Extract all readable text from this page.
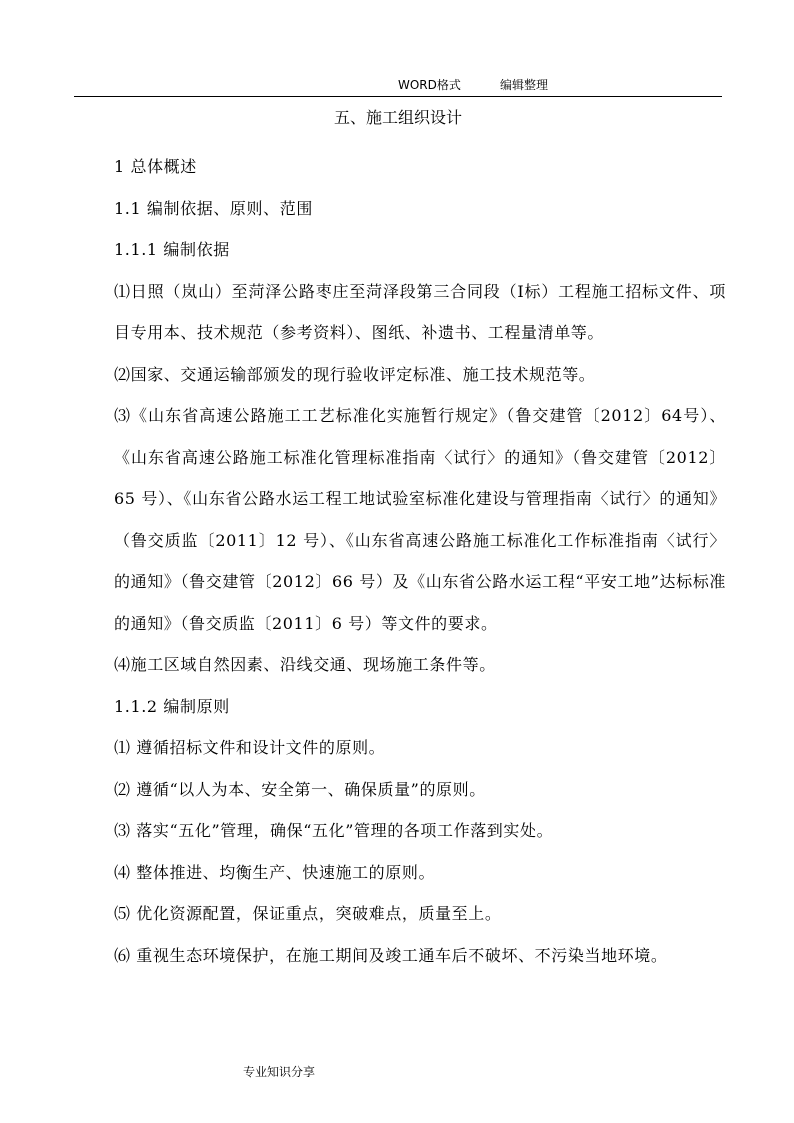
WORD格式	编辑整理
五、施工组织设计

1 总体概述

1.1 编制依据、原则、范围

1.1.1 编制依据

⑴日照（岚山）至菏泽公路枣庄至菏泽段第三合同段（Ⅰ标）工程施工招标文件、项目专用本、技术规范（参考资料）、图纸、补遗书、工程量清单等。

⑵国家、交通运输部颁发的现行验收评定标准、施工技术规范等。

⑶《山东省高速公路施工工艺标准化实施暂行规定》（鲁交建管〔2012〕64号）、《山东省高速公路施工标准化管理标准指南〈试行〉的通知》（鲁交建管〔2012〕65 号）、《山东省公路水运工程工地试验室标准化建设与管理指南〈试行〉的通知》（鲁交质监〔2011〕12 号）、《山东省高速公路施工标准化工作标准指南〈试行〉的通知》（鲁交建管〔2012〕66 号）及《山东省公路水运工程“平安工地”达标标准的通知》（鲁交质监〔2011〕6 号）等文件的要求。

⑷施工区域自然因素、沿线交通、现场施工条件等。

1.1.2 编制原则

⑴ 遵循招标文件和设计文件的原则。

⑵ 遵循“以人为本、安全第一、确保质量”的原则。

⑶ 落实“五化”管理，确保“五化”管理的各项工作落到实处。

⑷ 整体推进、均衡生产、快速施工的原则。

⑸ 优化资源配置，保证重点，突破难点，质量至上。

⑹ 重视生态环境保护，在施工期间及竣工通车后不破坏、不污染当地环境。

专业知识分享
